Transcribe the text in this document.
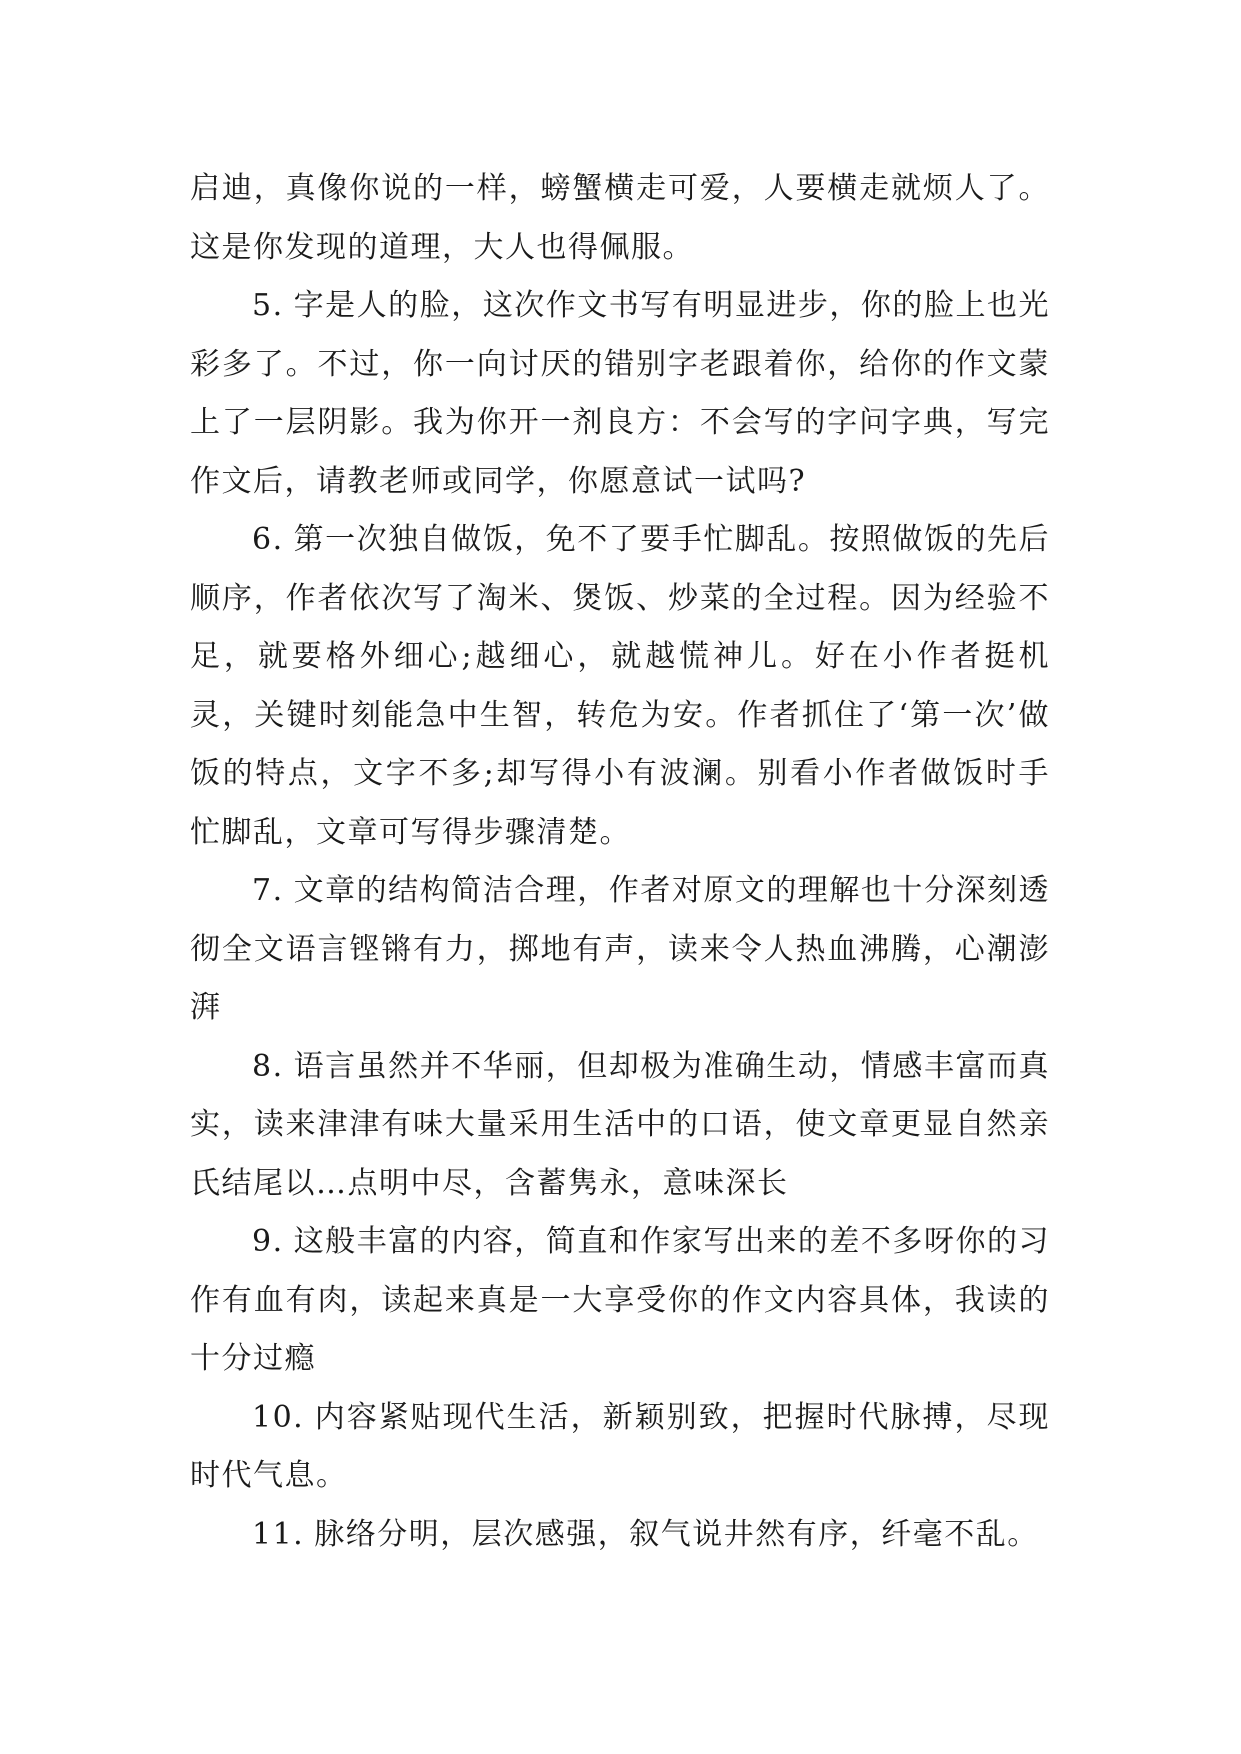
启迪，真像你说的一样，螃蟹横走可爱，人要横走就烦人了。这是你发现的道理，大人也得佩服。

5. 字是人的脸，这次作文书写有明显进步，你的脸上也光彩多了。不过，你一向讨厌的错别字老跟着你，给你的作文蒙上了一层阴影。我为你开一剂良方：不会写的字问字典，写完作文后，请教老师或同学，你愿意试一试吗?

6. 第一次独自做饭，免不了要手忙脚乱。按照做饭的先后顺序，作者依次写了淘米、煲饭、炒菜的全过程。因为经验不足，就要格外细心;越细心，就越慌神儿。好在小作者挺机灵，关键时刻能急中生智，转危为安。作者抓住了‘第一次’做饭的特点，文字不多;却写得小有波澜。别看小作者做饭时手忙脚乱，文章可写得步骤清楚。

7. 文章的结构简洁合理，作者对原文的理解也十分深刻透彻全文语言铿锵有力，掷地有声，读来令人热血沸腾，心潮澎湃

8. 语言虽然并不华丽，但却极为准确生动，情感丰富而真实，读来津津有味大量采用生活中的口语，使文章更显自然亲氏结尾以…点明中尽，含蓄隽永，意味深长

9. 这般丰富的内容，简直和作家写出来的差不多呀你的习作有血有肉，读起来真是一大享受你的作文内容具体，我读的十分过瘾

10. 内容紧贴现代生活，新颖别致，把握时代脉搏，尽现时代气息。

11. 脉络分明，层次感强，叙气说井然有序，纤毫不乱。
